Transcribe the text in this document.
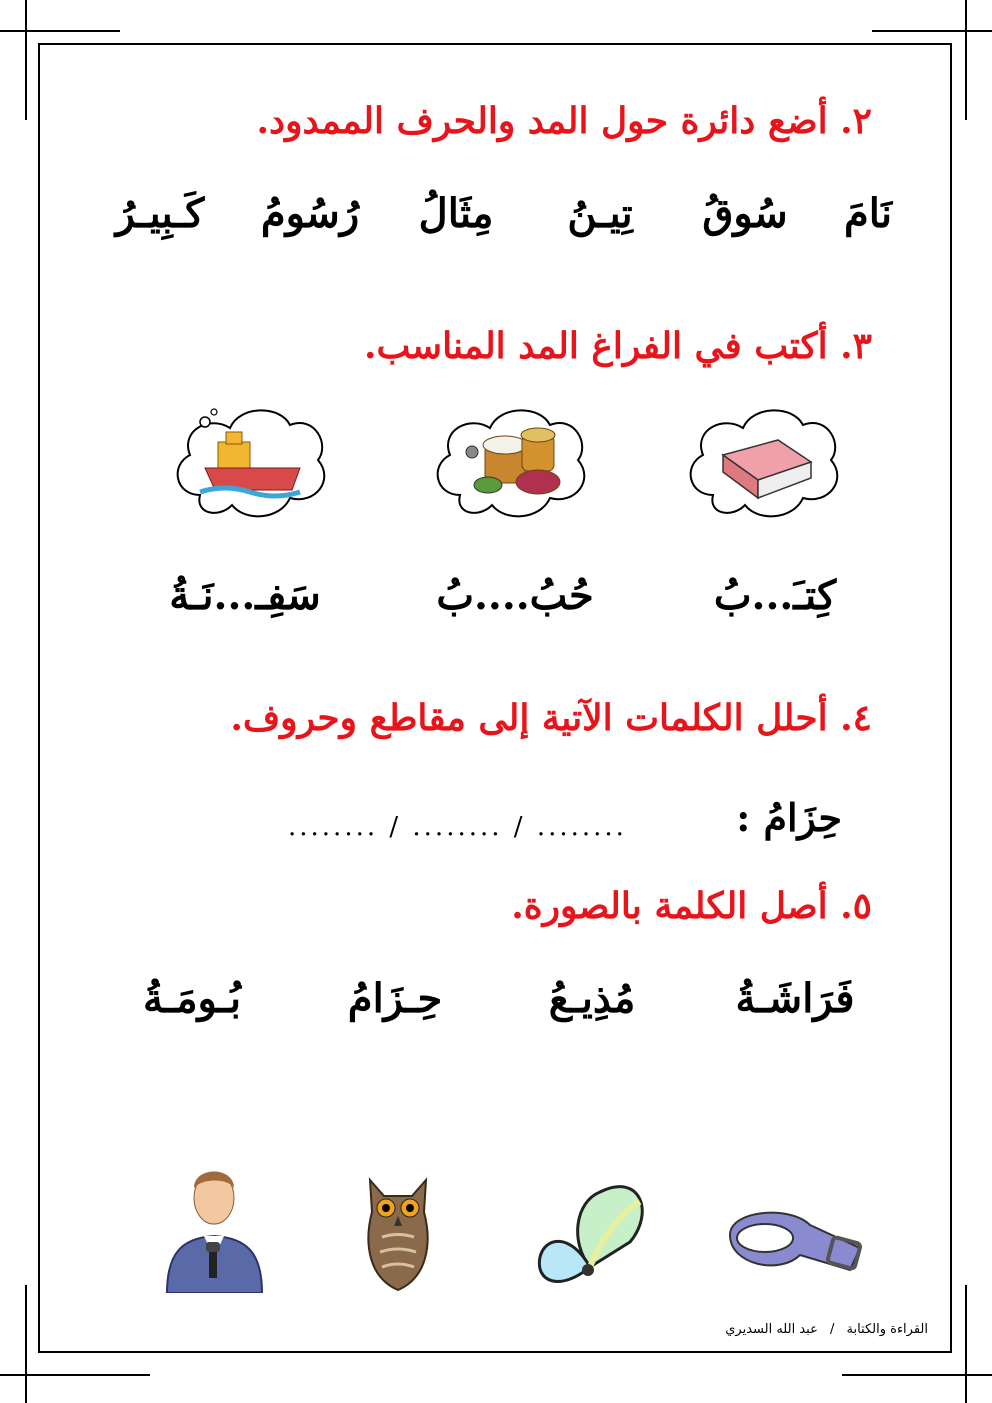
٢. أضع دائرة حول المد والحرف الممدود.
نَامَ
سُوقُ
تِيـنُ
مِثَالُ
رُسُومُ
كَـبِيـرُ
٣. أكتب في الفراغ المد المناسب.
كِتـَ...بُ
حُبُ....بُ
سَفِـ...نَـةُ
٤. أحلل الكلمات الآتية إلى مقاطع وحروف.
حِزَامُ :
........ / ........ / ........
٥. أصل الكلمة بالصورة.
فَرَاشَـةُ
مُذِيـعُ
حِـزَامُ
بُـومَـةُ
القراءة والكتابة / عبد الله السديري
